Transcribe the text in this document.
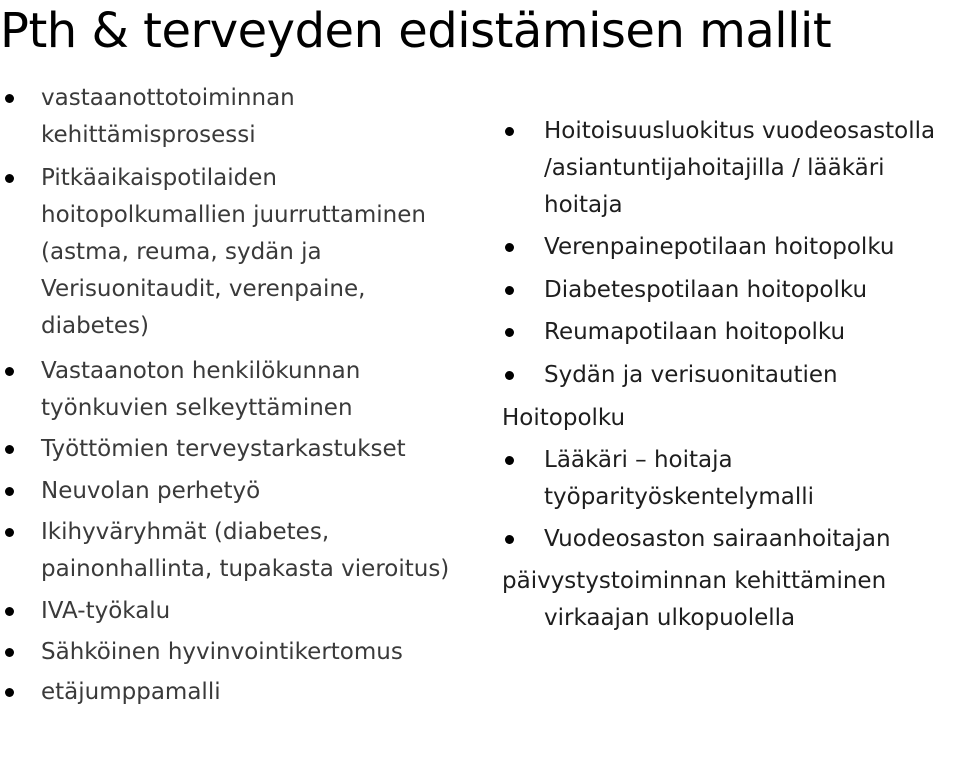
Pth & terveyden edistämisen mallit
vastaanottotoiminnan kehittämisprosessi
Pitkäaikaispotilaiden hoitopolkumallien juurruttaminen (astma, reuma, sydän ja Verisuonitaudit, verenpaine, diabetes)
Vastaanoton henkilökunnan työnkuvien selkeyttäminen
Työttömien terveystarkastukset
Neuvolan perhetyö
Ikihyväryhmät (diabetes, painonhallinta, tupakasta vieroitus)
IVA-työkalu
Sähköinen hyvinvointikertomus
etäjumppamalli
Hoitoisuusluokitus vuodeosastolla /asiantuntijahoitajilla / lääkäri hoitaja
Verenpainepotilaan hoitopolku
Diabetespotilaan hoitopolku
Reumapotilaan hoitopolku
Sydän ja verisuonitautien
Hoitopolku
Lääkäri – hoitaja työparityöskentelymalli
Vuodeosaston sairaanhoitajan
päivystystoiminnan kehittäminen virkaajan ulkopuolella
